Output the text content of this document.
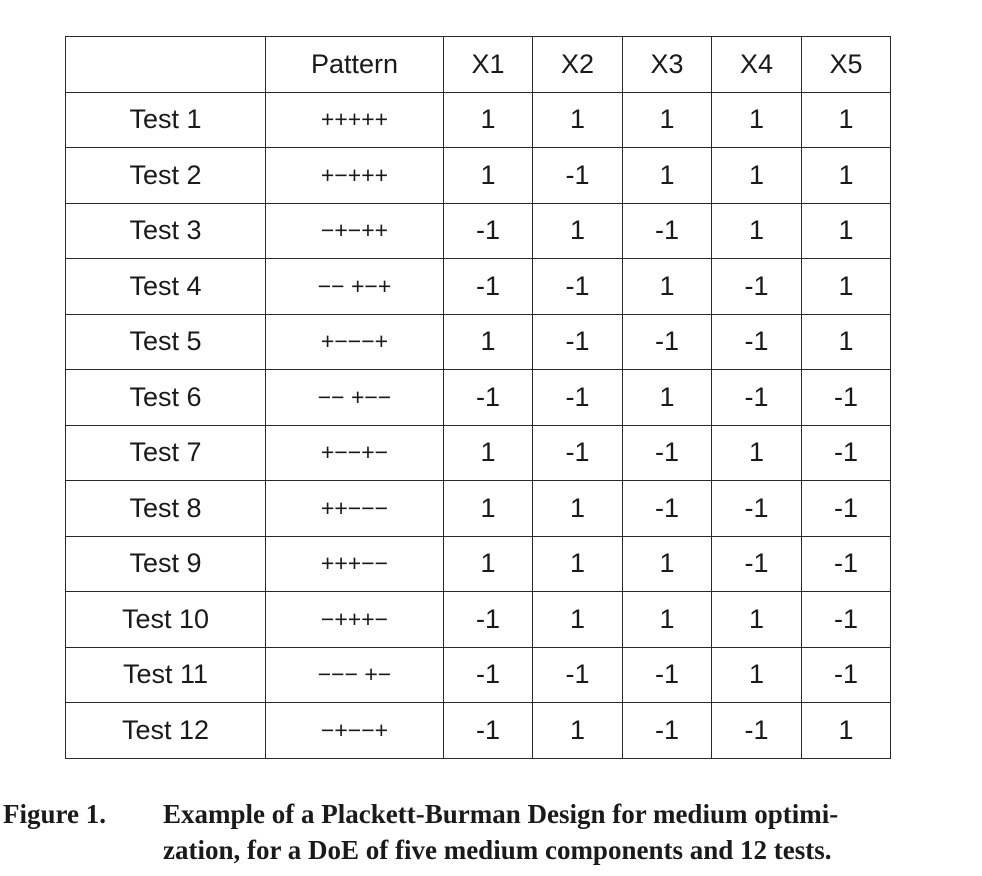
	Pattern	X1	X2	X3	X4	X5
Test 1	+++++	1	1	1	1	1
Test 2	+−+++	1	-1	1	1	1
Test 3	−+−++	-1	1	-1	1	1
Test 4	−− +−+	-1	-1	1	-1	1
Test 5	+−−−+	1	-1	-1	-1	1
Test 6	−− +−−	-1	-1	1	-1	-1
Test 7	+−−+−	1	-1	-1	1	-1
Test 8	++−−−	1	1	-1	-1	-1
Test 9	+++−−	1	1	1	-1	-1
Test 10	−+++−	-1	1	1	1	-1
Test 11	−−− +−	-1	-1	-1	1	-1
Test 12	−+−−+	-1	1	-1	-1	1
Figure 1. Example of a Plackett-Burman Design for medium optimi-
zation, for a DoE of five medium components and 12 tests.
